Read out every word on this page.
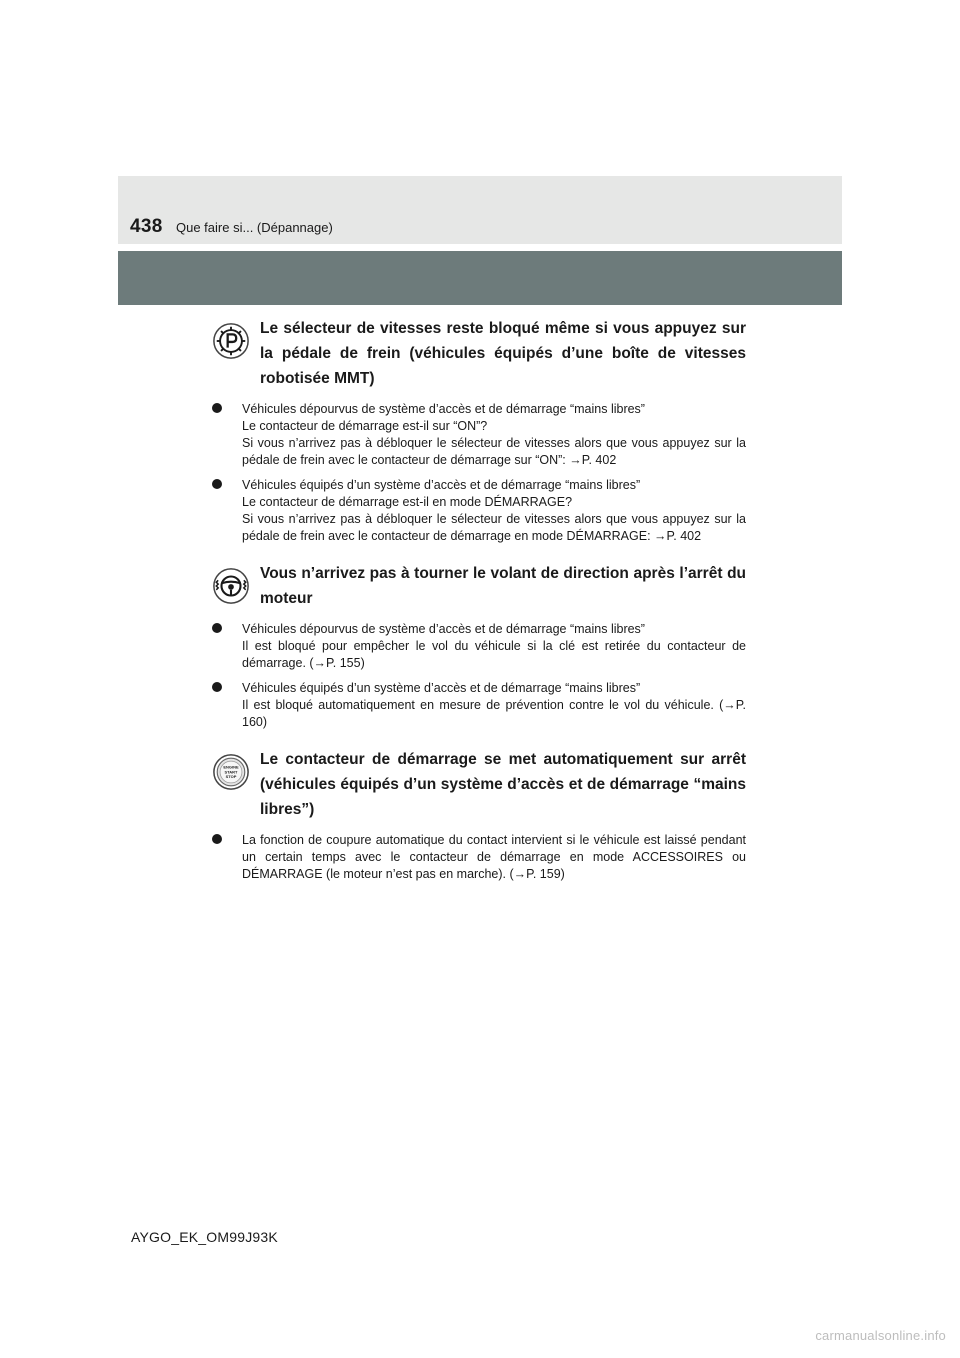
438 Que faire si... (Dépannage)
Le sélecteur de vitesses reste bloqué même si vous appuyez sur la pédale de frein (véhicules équipés d’une boîte de vitesses robotisée MMT)
Véhicules dépourvus de système d’accès et de démarrage “mains libres”
Le contacteur de démarrage est-il sur “ON”?
Si vous n’arrivez pas à débloquer le sélecteur de vitesses alors que vous appuyez sur la pédale de frein avec le contacteur de démarrage sur “ON”: →P. 402
Véhicules équipés d’un système d’accès et de démarrage “mains libres”
Le contacteur de démarrage est-il en mode DÉMARRAGE?
Si vous n’arrivez pas à débloquer le sélecteur de vitesses alors que vous appuyez sur la pédale de frein avec le contacteur de démarrage en mode DÉMARRAGE: →P. 402
Vous n’arrivez pas à tourner le volant de direction après l’arrêt du moteur
Véhicules dépourvus de système d’accès et de démarrage “mains libres”
Il est bloqué pour empêcher le vol du véhicule si la clé est retirée du contacteur de démarrage. (→P. 155)
Véhicules équipés d’un système d’accès et de démarrage “mains libres”
Il est bloqué automatiquement en mesure de prévention contre le vol du véhicule. (→P. 160)
ENGINE
START
STOP
Le contacteur de démarrage se met automatiquement sur arrêt (véhicules équipés d’un système d’accès et de démarrage “mains libres”)
La fonction de coupure automatique du contact intervient si le véhicule est laissé pendant un certain temps avec le contacteur de démarrage en mode ACCESSOIRES ou DÉMARRAGE (le moteur n’est pas en marche). (→P. 159)
AYGO_EK_OM99J93K
carmanualsonline.info
